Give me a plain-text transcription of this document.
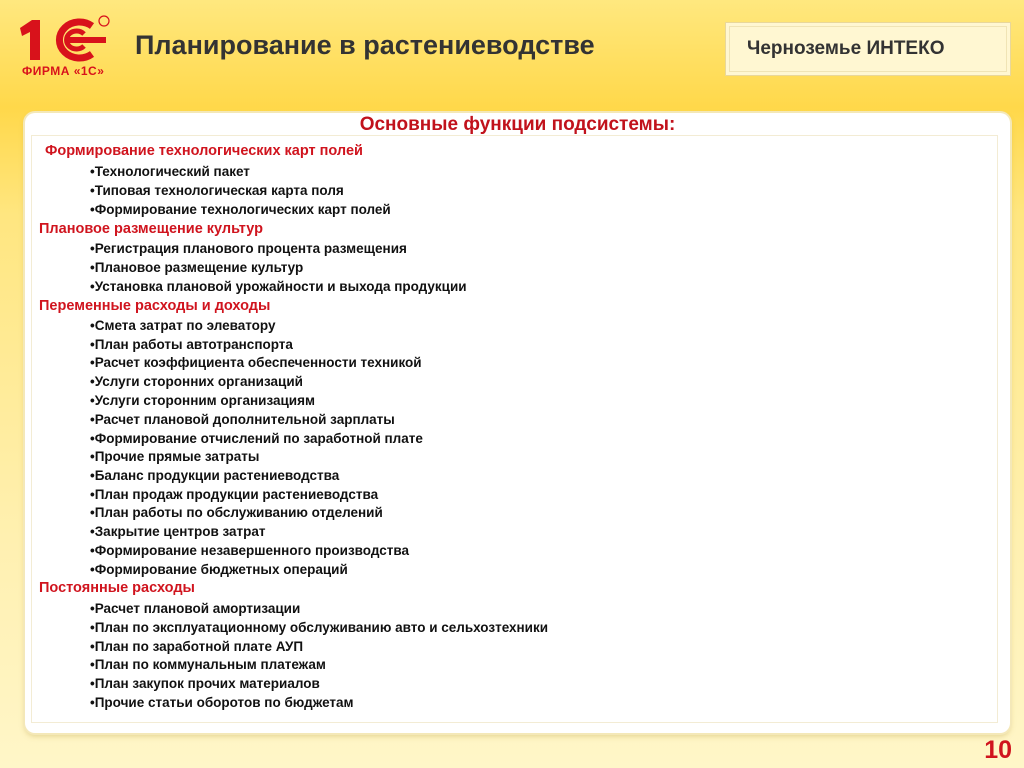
ФИРМА «1С»
Планирование в растениеводстве	Черноземье ИНТЕКО
Основные функции подсистемы:
Формирование технологических карт полей
•Технологический пакет
•Типовая технологическая карта поля
•Формирование технологических карт полей
Плановое размещение культур
•Регистрация планового процента размещения
•Плановое размещение культур
•Установка плановой урожайности и выхода продукции
Переменные расходы и доходы
•Смета затрат по элеватору
•План работы автотранспорта
•Расчет коэффициента обеспеченности техникой
•Услуги сторонних организаций
•Услуги сторонним организациям
•Расчет плановой дополнительной зарплаты
•Формирование отчислений по заработной плате
•Прочие прямые затраты
•Баланс продукции растениеводства
•План продаж продукции растениеводства
•План работы по обслуживанию отделений
•Закрытие центров затрат
•Формирование незавершенного производства
•Формирование бюджетных операций
Постоянные расходы
•Расчет плановой амортизации
•План по эксплуатационному обслуживанию авто и сельхозтехники
•План по заработной плате АУП
•План по коммунальным платежам
•План закупок прочих материалов
•Прочие статьи оборотов по бюджетам
10
